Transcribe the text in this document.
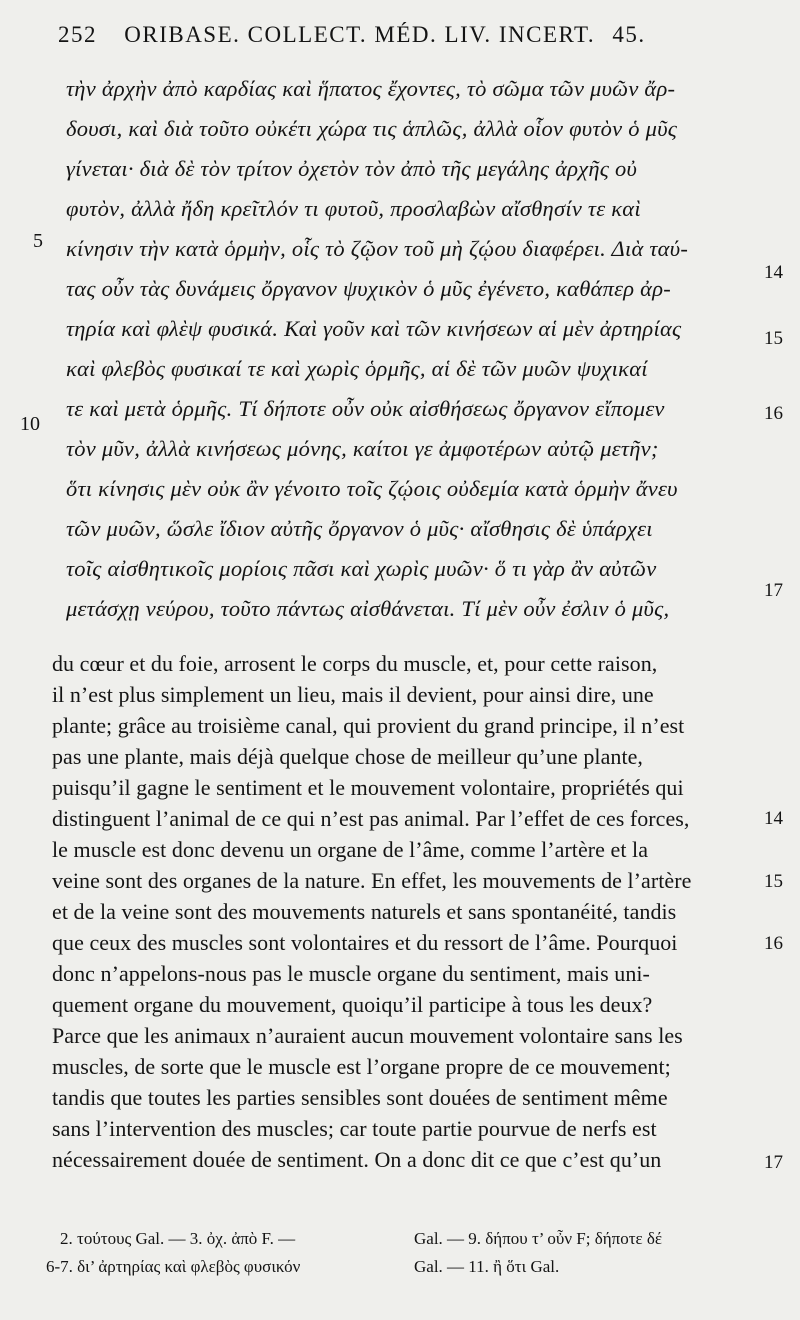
252 ORIBASE. COLLECT. MÉD. LIV. INCERT. 45.
τὴν ἀρχὴν ἀπὸ καρδίας καὶ ἥπατος ἔχοντες, τὸ σῶμα τῶν μυῶν ἄρ-
δουσι, καὶ διὰ τοῦτο οὐκέτι χώρα τις ἁπλῶς, ἀλλὰ οἷον φυτὸν ὁ μῦς
γίνεται· διὰ δὲ τὸν τρίτον ὀχετὸν τὸν ἀπὸ τῆς μεγάλης ἀρχῆς οὐ
φυτὸν, ἀλλὰ ἤδη κρεῖτλόν τι φυτοῦ, προσλαβὼν αἴσθησίν τε καὶ
κίνησιν τὴν κατὰ ὁρμὴν, οἷς τὸ ζῷον τοῦ μὴ ζῴου διαφέρει. Διὰ ταύ-
τας οὖν τὰς δυνάμεις ὄργανον ψυχικὸν ὁ μῦς ἐγένετο, καθάπερ ἀρ-
τηρία καὶ φλὲψ φυσικά. Καὶ γοῦν καὶ τῶν κινήσεων αἱ μὲν ἀρτηρίας
καὶ φλεβὸς φυσικαί τε καὶ χωρὶς ὁρμῆς, αἱ δὲ τῶν μυῶν ψυχικαί
τε καὶ μετὰ ὁρμῆς. Τί δήποτε οὖν οὐκ αἰσθήσεως ὄργανον εἴπομεν
τὸν μῦν, ἀλλὰ κινήσεως μόνης, καίτοι γε ἀμφοτέρων αὐτῷ μετῆν;
ὅτι κίνησις μὲν οὐκ ἂν γένοιτο τοῖς ζῴοις οὐδεμία κατὰ ὁρμὴν ἄνευ
τῶν μυῶν, ὥσλε ἴδιον αὐτῆς ὄργανον ὁ μῦς· αἴσθησις δὲ ὑπάρχει
τοῖς αἰσθητικοῖς μορίοις πᾶσι καὶ χωρὶς μυῶν· ὅ τι γὰρ ἂν αὐτῶν
μετάσχῃ νεύρου, τοῦτο πάντως αἰσθάνεται. Τί μὲν οὖν ἐσλιν ὁ μῦς,
5
10
14
15
16
17
du cœur et du foie, arrosent le corps du muscle, et, pour cette raison,
il n’est plus simplement un lieu, mais il devient, pour ainsi dire, une
plante; grâce au troisième canal, qui provient du grand principe, il n’est
pas une plante, mais déjà quelque chose de meilleur qu’une plante,
puisqu’il gagne le sentiment et le mouvement volontaire, propriétés qui
distinguent l’animal de ce qui n’est pas animal. Par l’effet de ces forces,
le muscle est donc devenu un organe de l’âme, comme l’artère et la
veine sont des organes de la nature. En effet, les mouvements de l’artère
et de la veine sont des mouvements naturels et sans spontanéité, tandis
que ceux des muscles sont volontaires et du ressort de l’âme. Pourquoi
donc n’appelons-nous pas le muscle organe du sentiment, mais uni-
quement organe du mouvement, quoiqu’il participe à tous les deux?
Parce que les animaux n’auraient aucun mouvement volontaire sans les
muscles, de sorte que le muscle est l’organe propre de ce mouvement;
tandis que toutes les parties sensibles sont douées de sentiment même
sans l’intervention des muscles; car toute partie pourvue de nerfs est
nécessairement douée de sentiment. On a donc dit ce que c’est qu’un
14
15
16
17
2. τούτους Gal. — 3. ὀχ. ἀπὸ F. —	Gal. — 9. δήπου τ’ οὖν F; δήποτε δέ
6-7. δι’ ἀρτηρίας καὶ φλεβὸς φυσικόν	Gal. — 11. ἢ ὅτι Gal.
